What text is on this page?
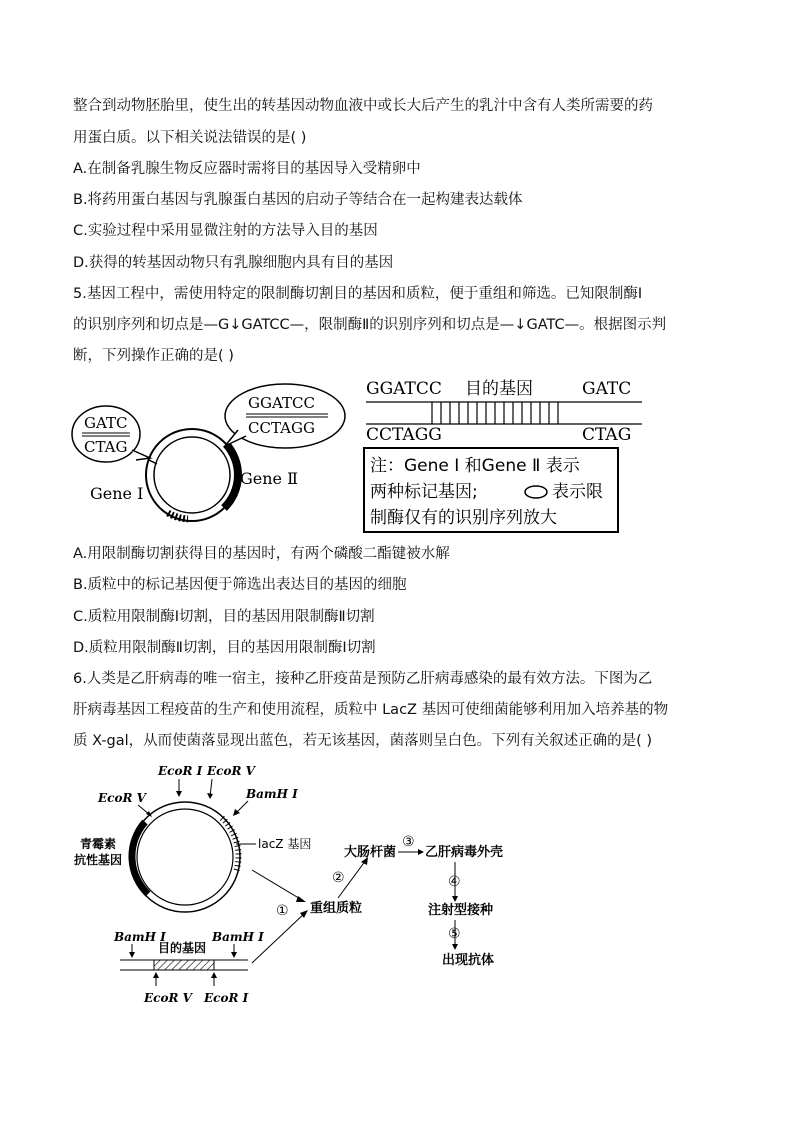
整合到动物胚胎里，使生出的转基因动物血液中或长大后产生的乳汁中含有人类所需要的药
用蛋白质。以下相关说法错误的是( )
A.在制备乳腺生物反应器时需将目的基因导入受精卵中
B.将药用蛋白基因与乳腺蛋白基因的启动子等结合在一起构建表达载体
C.实验过程中采用显微注射的方法导入目的基因
D.获得的转基因动物只有乳腺细胞内具有目的基因
5.基因工程中，需使用特定的限制酶切割目的基因和质粒，便于重组和筛选。已知限制酶Ⅰ
的识别序列和切点是—G↓GATCC—，限制酶Ⅱ的识别序列和切点是—↓GATC—。根据图示判
断，下列操作正确的是( )
GATC
CTAG
Gene Ⅰ
Gene Ⅱ
GGATCC
CCTAGG
GGATCC 目的基因	GATC
CCTAGG	CTAG
注：Gene Ⅰ 和Gene Ⅱ 表示
两种标记基因;	表示限
制酶仅有的识别序列放大
A.用限制酶切割获得目的基因时，有两个磷酸二酯键被水解
B.质粒中的标记基因便于筛选出表达目的基因的细胞
C.质粒用限制酶Ⅰ切割，目的基因用限制酶Ⅱ切割
D.质粒用限制酶Ⅱ切割，目的基因用限制酶Ⅰ切割
6.人类是乙肝病毒的唯一宿主，接种乙肝疫苗是预防乙肝病毒感染的最有效方法。下图为乙
肝病毒基因工程疫苗的生产和使用流程，质粒中 LacZ 基因可使细菌能够利用加入培养基的物
质 X-gal，从而使菌落显现出蓝色，若无该基因，菌落则呈白色。下列有关叙述正确的是( )
EcoR Ⅰ EcoR Ⅴ
EcoR Ⅴ	BamH Ⅰ
青霉素
抗性基因
lacZ 基因
① 重组质粒
②
大肠杆菌
③
乙肝病毒外壳
④
注射型接种
⑤
出现抗体
BamH Ⅰ	BamH Ⅰ
目的基因
EcoR Ⅴ EcoR Ⅰ
